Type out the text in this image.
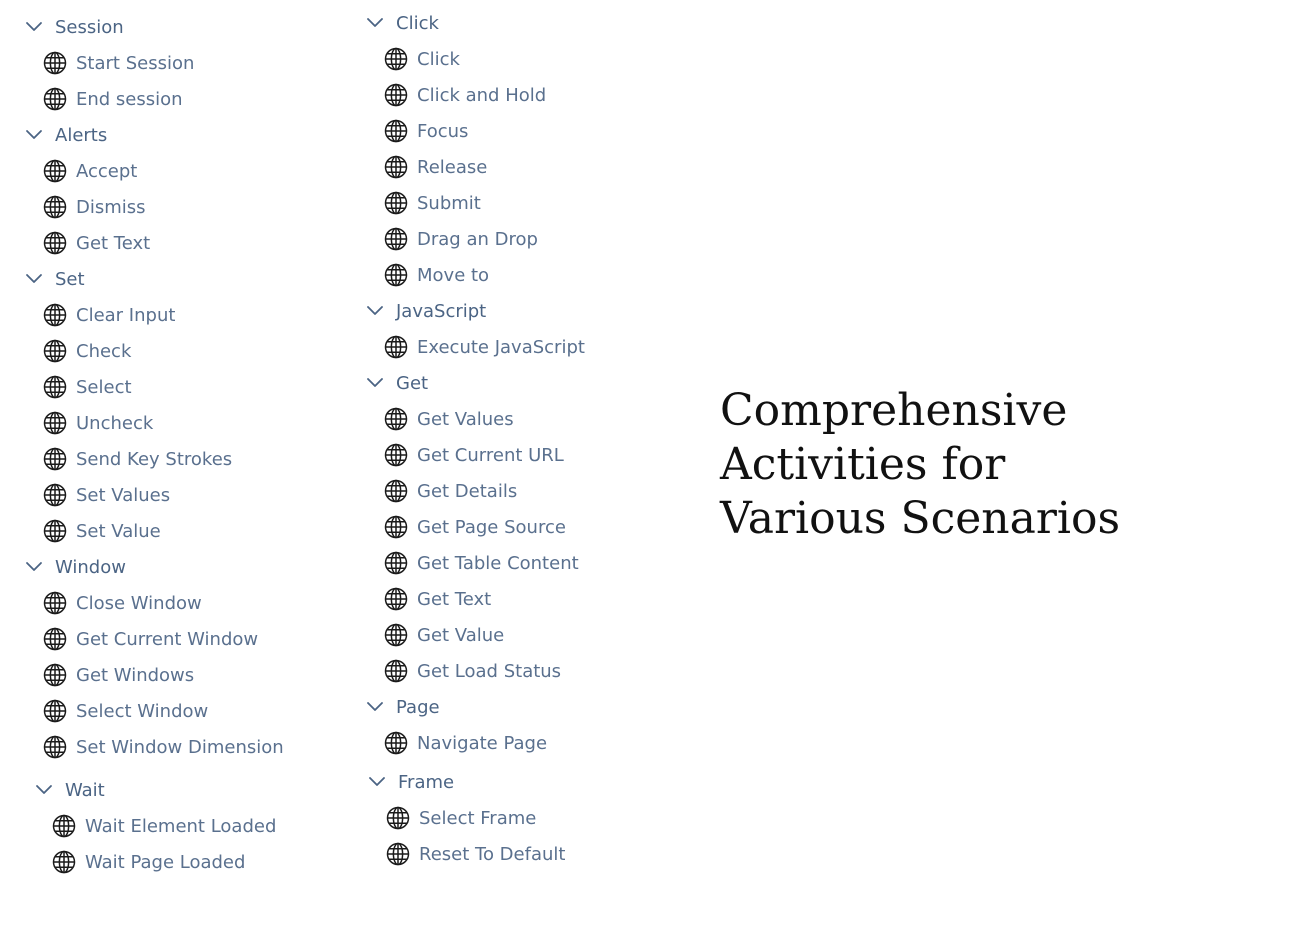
Session
Start Session
End session
Alerts
Accept
Dismiss
Get Text
Set
Clear Input
Check
Select
Uncheck
Send Key Strokes
Set Values
Set Value
Window
Close Window
Get Current Window
Get Windows
Select Window
Set Window Dimension
Wait
Wait Element Loaded
Wait Page Loaded
Click
Click
Click and Hold
Focus
Release
Submit
Drag an Drop
Move to
JavaScript
Execute JavaScript
Get
Get Values
Get Current URL
Get Details
Get Page Source
Get Table Content
Get Text
Get Value
Get Load Status
Page
Navigate Page
Frame
Select Frame
Reset To Default
Comprehensive
Activities for
Various Scenarios
